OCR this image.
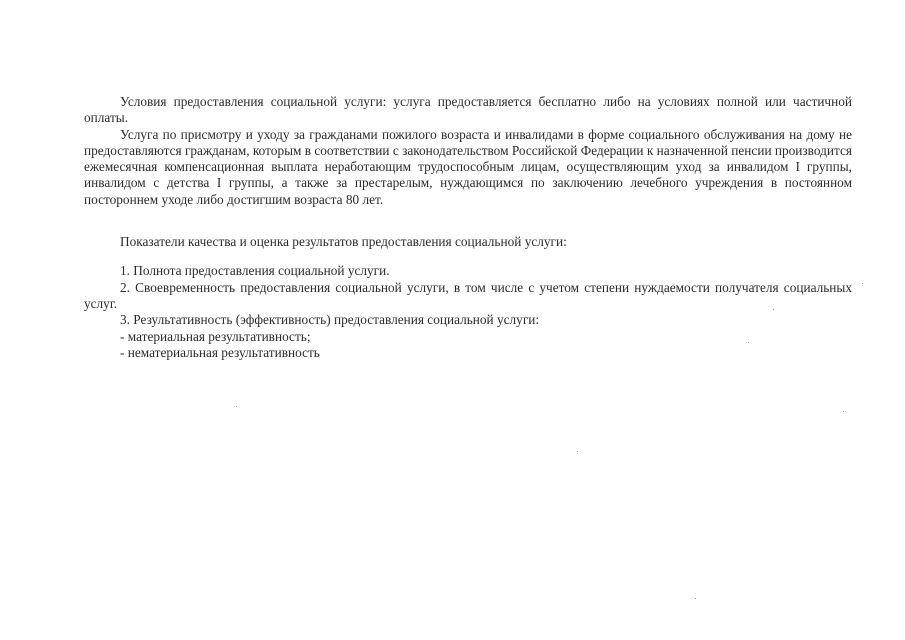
Условия предоставления социальной услуги: услуга предоставляется бесплатно либо на условиях полной или частичной оплаты.

Услуга по присмотру и уходу за гражданами пожилого возраста и инвалидами в форме социального обслуживания на дому не предоставляются гражданам, которым в соответствии с законодательством Российской Федерации к назначенной пенсии производится ежемесячная компенсационная выплата неработающим трудоспособным лицам, осуществляющим уход за инвалидом I группы, инвалидом с детства I группы, а также за престарелым, нуждающимся по заключению лечебного учреждения в постоянном постороннем уходе либо достигшим возраста 80 лет.

Показатели качества и оценка результатов предоставления социальной услуги:

1. Полнота предоставления социальной услуги.

2. Своевременность предоставления социальной услуги, в том числе с учетом степени нуждаемости получателя социальных услуг.

3. Результативность (эффективность) предоставления социальной услуги:

- материальная результативность;

- нематериальная результативность
